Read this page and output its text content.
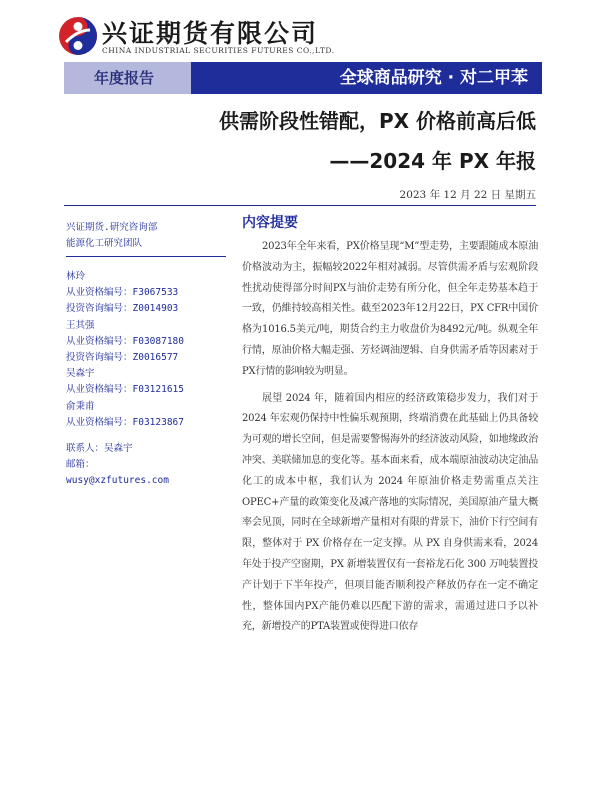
兴证期货有限公司
CHINA INDUSTRIAL SECURITIES FUTURES CO.,LTD.
年度报告	全球商品研究 · 对二甲苯
供需阶段性错配，PX 价格前高后低
——2024 年 PX 年报
2023 年 12 月 22 日 星期五
兴证期货.研究咨询部
能源化工研究团队
林玲
从业资格编号：F3067533
投资咨询编号：Z0014903
王其强
从业资格编号：F03087180
投资咨询编号：Z0016577
吴森宇
从业资格编号：F03121615
俞秉甫
从业资格编号：F03123867
联系人：吴森宇
邮箱：
wusy@xzfutures.com
内容提要

2023年全年来看，PX价格呈现“M”型走势，主要跟随成本原油价格波动为主，振幅较2022年相对减弱。尽管供需矛盾与宏观阶段性扰动使得部分时间PX与油价走势有所分化，但全年走势基本趋于一致，仍維持较高相关性。截至2023年12月22日，PX CFR中国价格为1016.5美元/吨，期货合约主力收盘价为8492元/吨。纵观全年行情，原油价格大幅走强、芳烃调油逻辑、自身供需矛盾等因素对于PX行情的影响较为明显。

展望 2024 年，随着国内相应的经济政策稳步发力，我们对于 2024 年宏观仍保持中性偏乐观预期，终端消费在此基础上仍具备较为可观的增长空间，但是需要警惕海外的经济波动风险，如地缘政治冲突、美联储加息的变化等。基本面来看，成本端原油波动决定油品化工的成本中枢，我们认为 2024 年原油价格走势需重点关注 OPEC+产量的政策变化及减产落地的实际情况，美国原油产量大概率会见顶，同时在全球新增产量相对有限的背景下，油价下行空间有限，整体对于 PX 价格存在一定支撑。从 PX 自身供需来看，2024 年处于投产空窗期，PX 新增装置仅有一套裕龙石化 300 万吨装置投产计划于下半年投产，但项目能否顺利投产释放仍存在一定不确定性，整体国内PX产能仍难以匹配下游的需求，需通过进口予以补充，新增投产的PTA装置或使得进口依存
